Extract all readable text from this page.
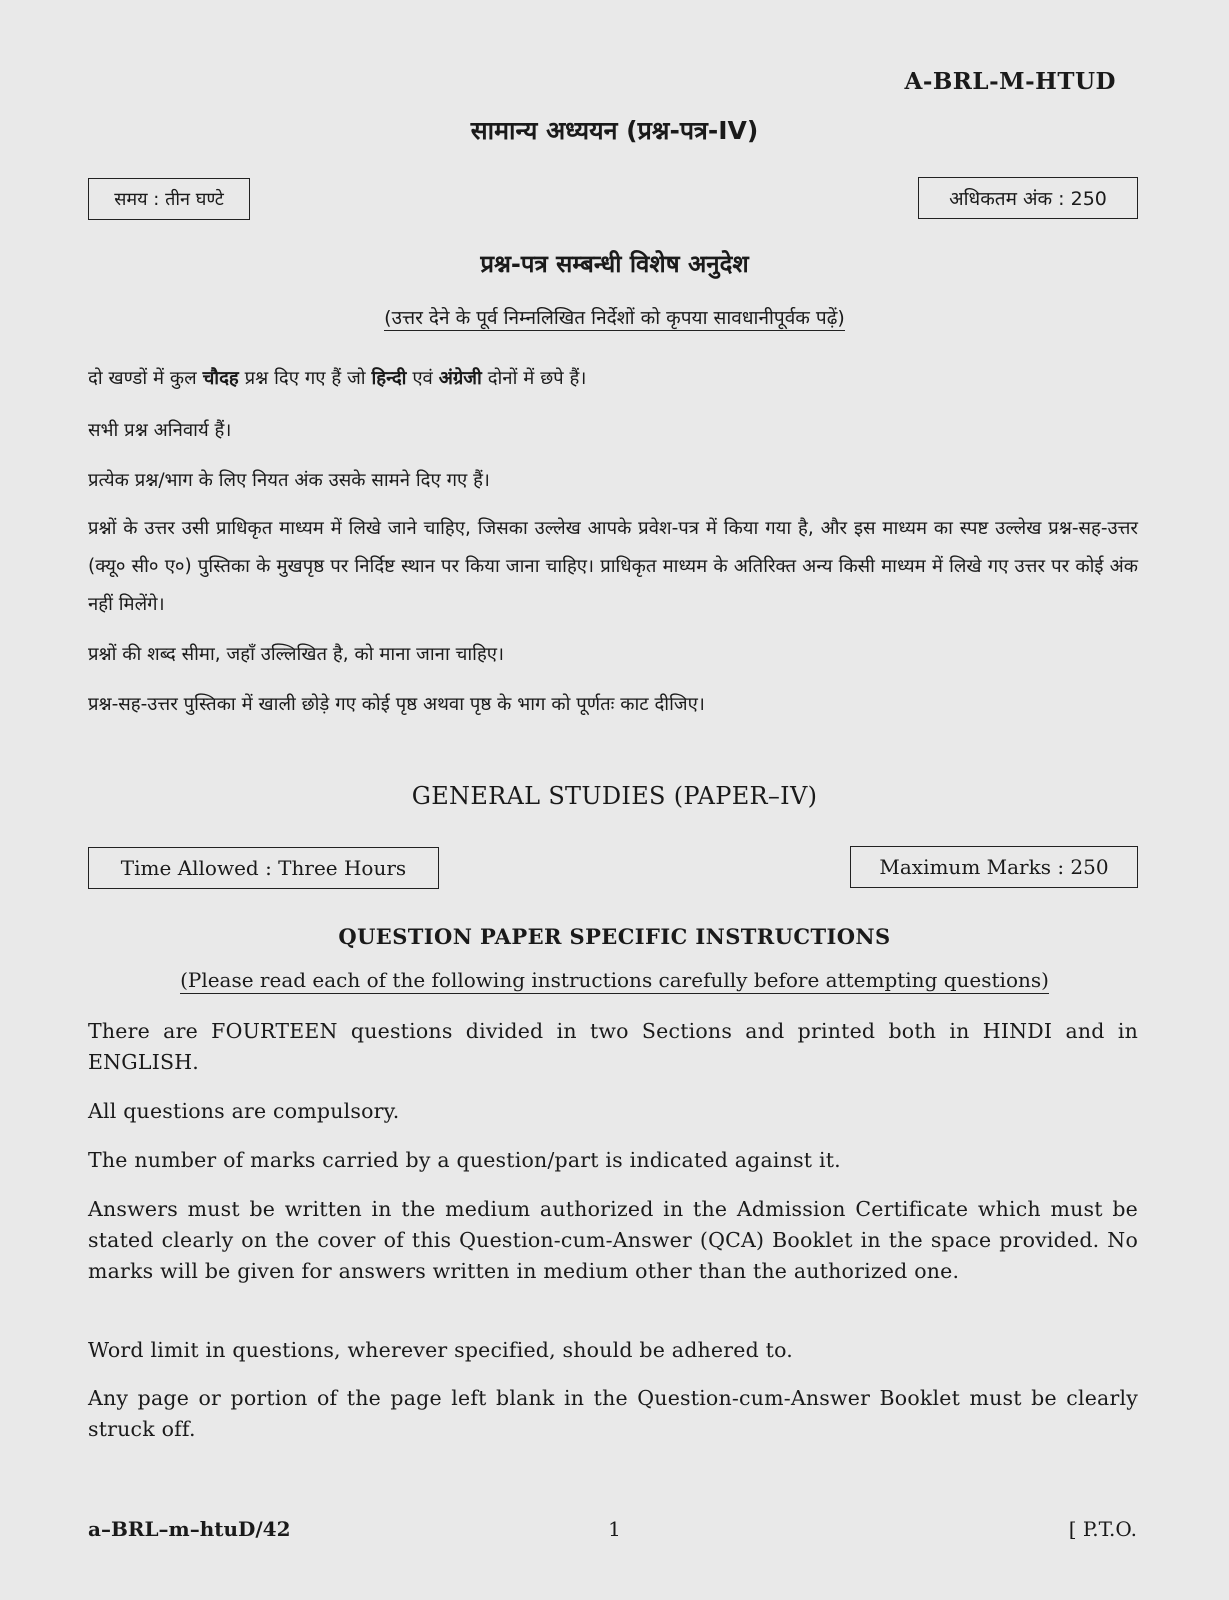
A-BRL-M-HTUD
सामान्य अध्ययन (प्रश्न-पत्र-IV)
समय : तीन घण्टे	अधिकतम अंक : 250
प्रश्न-पत्र सम्बन्धी विशेष अनुदेश
(उत्तर देने के पूर्व निम्नलिखित निर्देशों को कृपया सावधानीपूर्वक पढ़ें)
दो खण्डों में कुल चौदह प्रश्न दिए गए हैं जो हिन्दी एवं अंग्रेजी दोनों में छपे हैं।
सभी प्रश्न अनिवार्य हैं।
प्रत्येक प्रश्न/भाग के लिए नियत अंक उसके सामने दिए गए हैं।
प्रश्नों के उत्तर उसी प्राधिकृत माध्यम में लिखे जाने चाहिए, जिसका उल्लेख आपके प्रवेश-पत्र में किया गया है, और इस माध्यम का स्पष्ट उल्लेख प्रश्न-सह-उत्तर (क्यू० सी० ए०) पुस्तिका के मुखपृष्ठ पर निर्दिष्ट स्थान पर किया जाना चाहिए। प्राधिकृत माध्यम के अतिरिक्त अन्य किसी माध्यम में लिखे गए उत्तर पर कोई अंक नहीं मिलेंगे।
प्रश्नों की शब्द सीमा, जहाँ उल्लिखित है, को माना जाना चाहिए।
प्रश्न-सह-उत्तर पुस्तिका में खाली छोड़े गए कोई पृष्ठ अथवा पृष्ठ के भाग को पूर्णतः काट दीजिए।
GENERAL STUDIES (PAPER–IV)
Time Allowed : Three Hours	Maximum Marks : 250
QUESTION PAPER SPECIFIC INSTRUCTIONS
(Please read each of the following instructions carefully before attempting questions)
There are FOURTEEN questions divided in two Sections and printed both in HINDI and in ENGLISH.
All questions are compulsory.
The number of marks carried by a question/part is indicated against it.
Answers must be written in the medium authorized in the Admission Certificate which must be stated clearly on the cover of this Question-cum-Answer (QCA) Booklet in the space provided. No marks will be given for answers written in medium other than the authorized one.
Word limit in questions, wherever specified, should be adhered to.
Any page or portion of the page left blank in the Question-cum-Answer Booklet must be clearly struck off.
a–BRL–m–htuD/42	1	[ P.T.O.
